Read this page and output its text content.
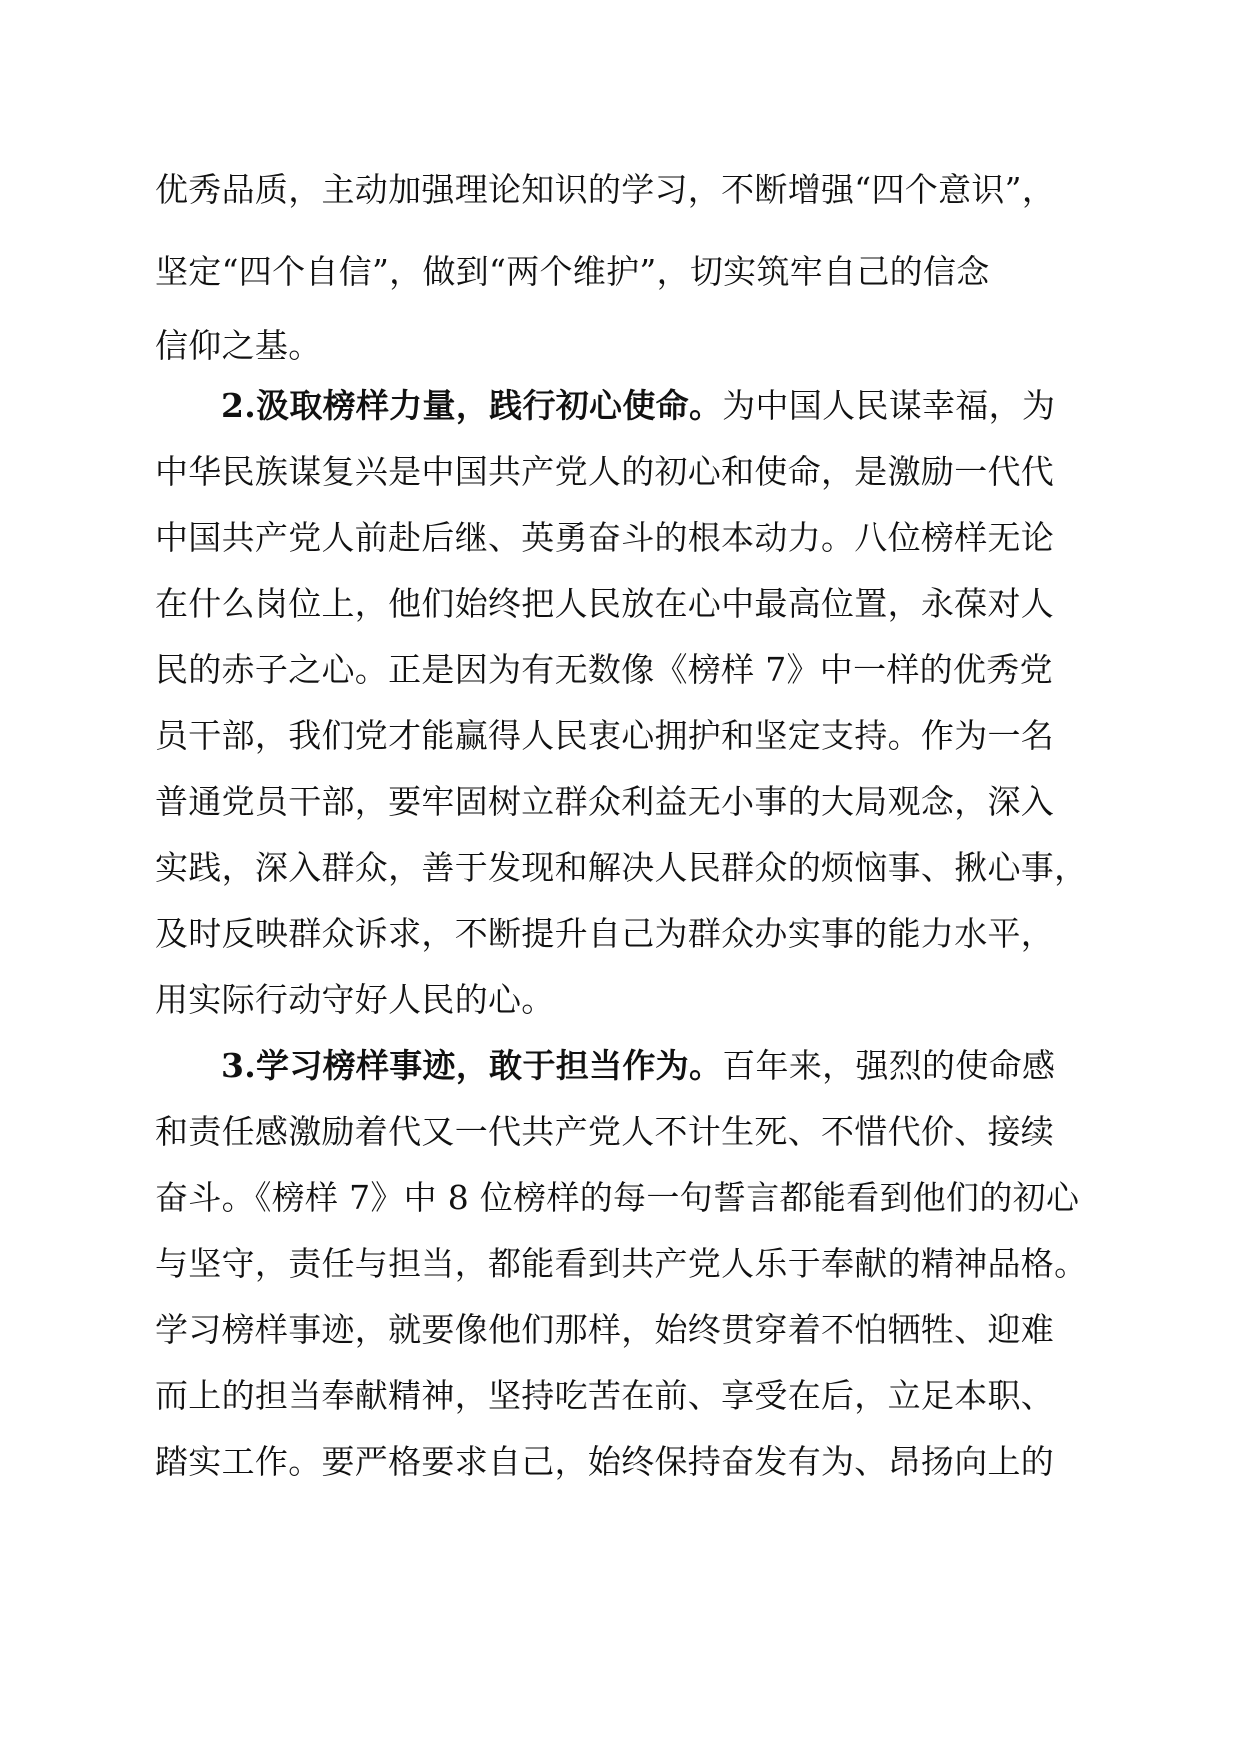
优秀品质，主动加强理论知识的学习，不断增强“四个意识”，
坚定“四个自信”，做到“两个维护”，切实筑牢自己的信念
信仰之基。
2.汲取榜样力量，践行初心使命。为中国人民谋幸福，为
中华民族谋复兴是中国共产党人的初心和使命，是激励一代代
中国共产党人前赴后继、英勇奋斗的根本动力。八位榜样无论
在什么岗位上，他们始终把人民放在心中最高位置，永葆对人
民的赤子之心。正是因为有无数像《榜样 7》中一样的优秀党
员干部，我们党才能赢得人民衷心拥护和坚定支持。作为一名
普通党员干部，要牢固树立群众利益无小事的大局观念，深入
实践，深入群众，善于发现和解决人民群众的烦恼事、揪心事，
及时反映群众诉求，不断提升自己为群众办实事的能力水平，
用实际行动守好人民的心。
3.学习榜样事迹，敢于担当作为。百年来，强烈的使命感
和责任感激励着代又一代共产党人不计生死、不惜代价、接续
奋斗。《榜样 7》中 8 位榜样的每一句誓言都能看到他们的初心
与坚守，责任与担当，都能看到共产党人乐于奉献的精神品格。
学习榜样事迹，就要像他们那样，始终贯穿着不怕牺牲、迎难
而上的担当奉献精神，坚持吃苦在前、享受在后，立足本职、
踏实工作。要严格要求自己，始终保持奋发有为、昂扬向上的
